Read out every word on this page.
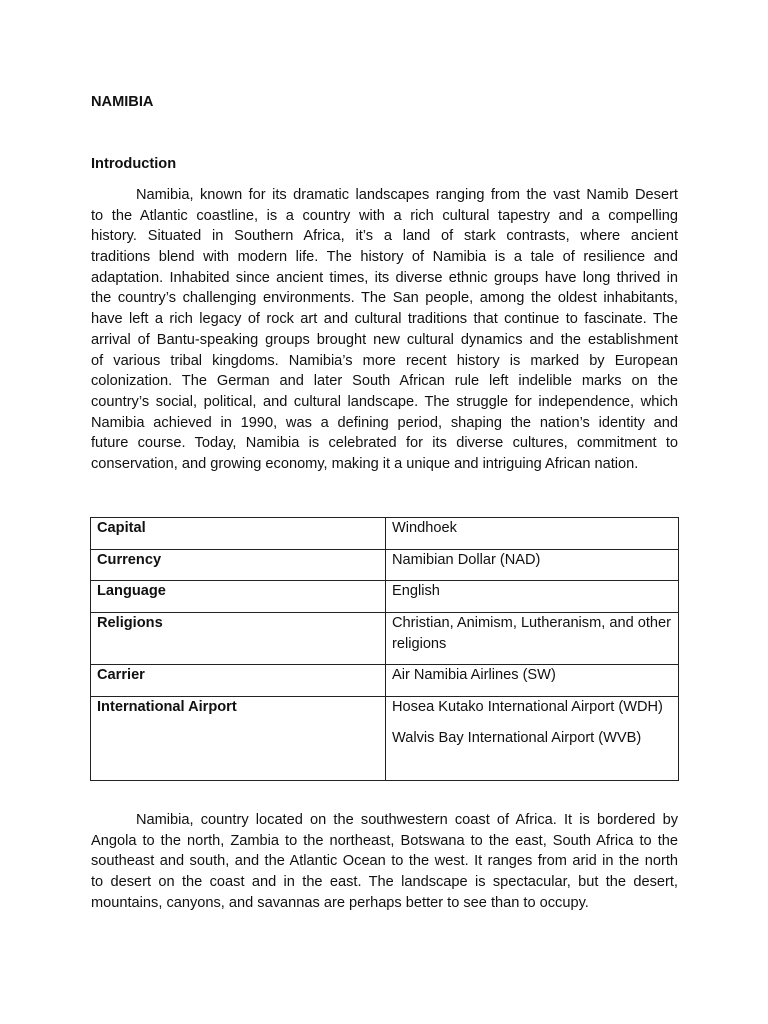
NAMIBIA
Introduction
Namibia, known for its dramatic landscapes ranging from the vast Namib Desert
to the Atlantic coastline, is a country with a rich cultural tapestry and a compelling
history. Situated in Southern Africa, it’s a land of stark contrasts, where ancient
traditions blend with modern life. The history of Namibia is a tale of resilience and
adaptation. Inhabited since ancient times, its diverse ethnic groups have long thrived in
the country’s challenging environments. The San people, among the oldest inhabitants,
have left a rich legacy of rock art and cultural traditions that continue to fascinate. The
arrival of Bantu-speaking groups brought new cultural dynamics and the establishment
of various tribal kingdoms. Namibia’s more recent history is marked by European
colonization. The German and later South African rule left indelible marks on the
country’s social, political, and cultural landscape. The struggle for independence, which
Namibia achieved in 1990, was a defining period, shaping the nation’s identity and
future course. Today, Namibia is celebrated for its diverse cultures, commitment to
conservation, and growing economy, making it a unique and intriguing African nation.
Capital	Windhoek
Currency	Namibian Dollar (NAD)
Language	English
Religions	Christian, Animism, Lutheranism, and other religions
Carrier	Air Namibia Airlines (SW)
International Airport	Hosea Kutako International Airport (WDH)
Walvis Bay International Airport (WVB)
Namibia, country located on the southwestern coast of Africa. It is bordered by
Angola to the north, Zambia to the northeast, Botswana to the east, South Africa to the
southeast and south, and the Atlantic Ocean to the west. It ranges from arid in the north
to desert on the coast and in the east. The landscape is spectacular, but the desert,
mountains, canyons, and savannas are perhaps better to see than to occupy.
